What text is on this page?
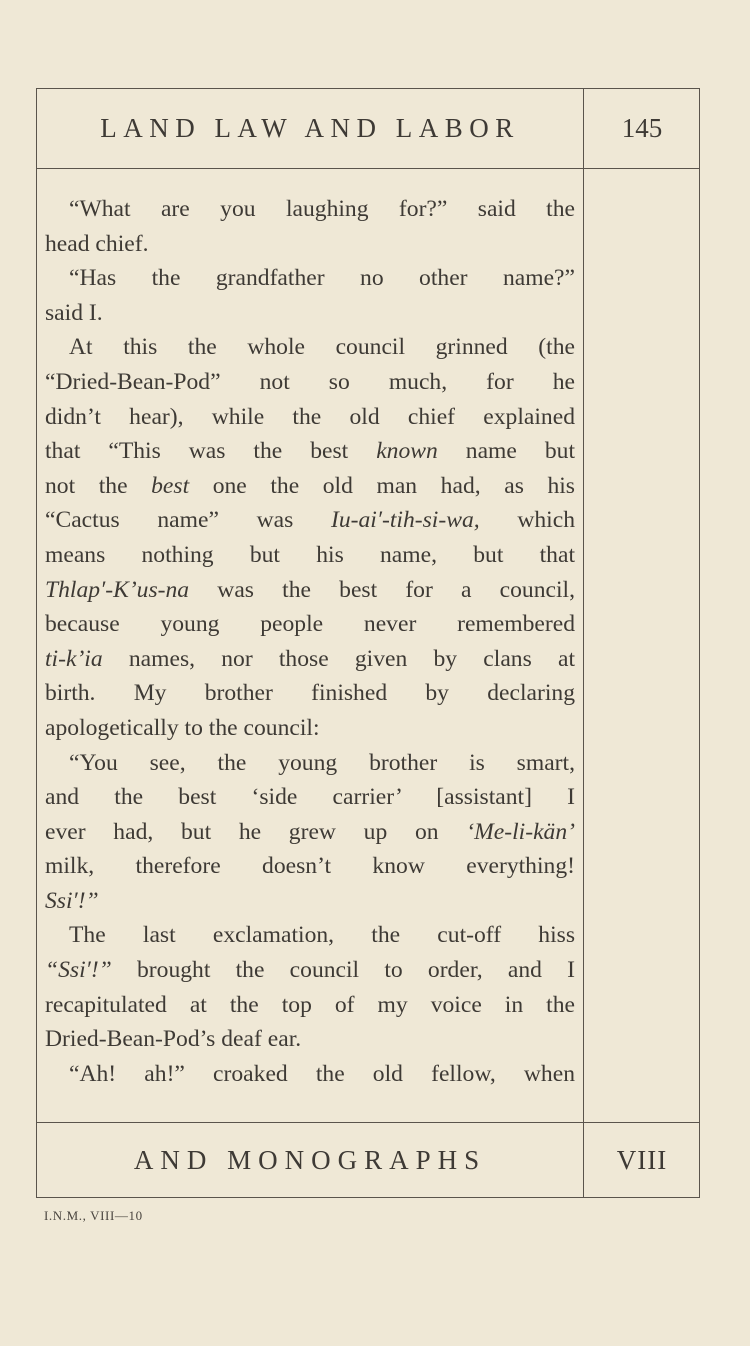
LAND LAW AND LABOR	145
AND MONOGRAPHS	VIII
“What are you laughing for?” said the
head chief.
“Has the grandfather no other name?”
said I.
At this the whole council grinned (the
“Dried-Bean-Pod” not so much, for he
didn’t hear), while the old chief explained
that “This was the best known name but
not the best one the old man had, as his
“Cactus name” was Iu-ai′-tih-si-wa, which
means nothing but his name, but that
Thlap′-K’us-na was the best for a council,
because young people never remembered
ti-k’ia names, nor those given by clans at
birth. My brother finished by declaring
apologetically to the council:
“You see, the young brother is smart,
and the best ‘side carrier’ [assistant] I
ever had, but he grew up on ‘Me-li-kän’
milk, therefore doesn’t know everything!
Ssi′!”
The last exclamation, the cut-off hiss
“Ssi′!” brought the council to order, and I
recapitulated at the top of my voice in the
Dried-Bean-Pod’s deaf ear.
“Ah! ah!” croaked the old fellow, when
I.N.M., VIII—10
